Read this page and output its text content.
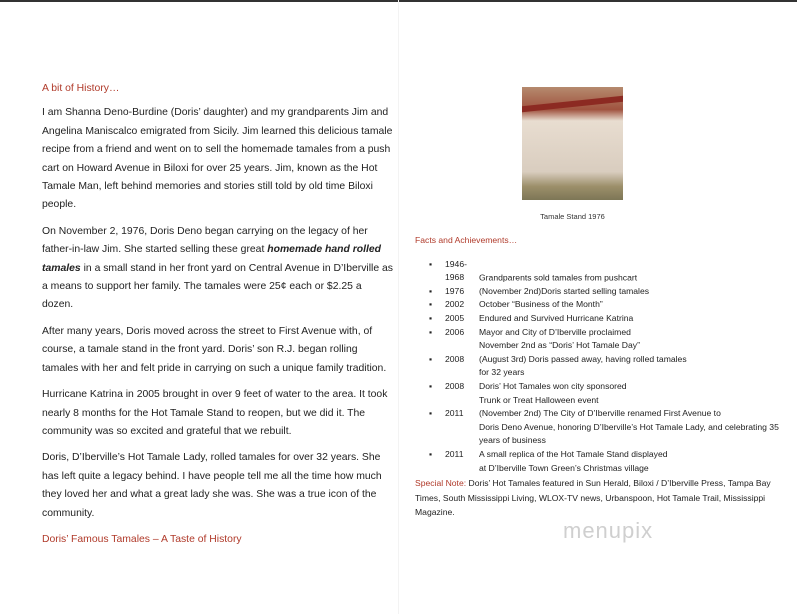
A bit of History…

I am Shanna Deno-Burdine (Doris’ daughter) and my grandparents Jim and Angelina Maniscalco emigrated from Sicily. Jim learned this delicious tamale recipe from a friend and went on to sell the homemade tamales from a push cart on Howard Avenue in Biloxi for over 25 years. Jim, known as the Hot Tamale Man, left behind memories and stories still told by old time Biloxi people.

On November 2, 1976, Doris Deno began carrying on the legacy of her father-in-law Jim. She started selling these great homemade hand rolled tamales in a small stand in her front yard on Central Avenue in D’Iberville as a means to support her family. The tamales were 25¢ each or $2.25 a dozen.

After many years, Doris moved across the street to First Avenue with, of course, a tamale stand in the front yard. Doris’ son R.J. began rolling tamales with her and felt pride in carrying on such a unique family tradition.

Hurricane Katrina in 2005 brought in over 9 feet of water to the area. It took nearly 8 months for the Hot Tamale Stand to reopen, but we did it. The community was so excited and grateful that we rebuilt.

Doris, D’Iberville’s Hot Tamale Lady, rolled tamales for over 32 years. She has left quite a legacy behind. I have people tell me all the time how much they loved her and what a great lady she was. She was a true icon of the community.

Doris’ Famous Tamales – A Taste of History
Tamale Stand 1976
Facts and Achievements…
▪ 1946-1968 Grandparents sold tamales from pushcart
▪ 1976 (November 2nd)Doris started selling tamales
▪ 2002 October “Business of the Month”
▪ 2005 Endured and Survived Hurricane Katrina
▪ 2006 Mayor and City of D’Iberville proclaimed
November 2nd as “Doris’ Hot Tamale Day”
▪ 2008 (August 3rd) Doris passed away, having rolled tamales
for 32 years
▪ 2008 Doris’ Hot Tamales won city sponsored
Trunk or Treat Halloween event
▪ 2011 (November 2nd) The City of D’Iberville renamed First Avenue to
Doris Deno Avenue, honoring D’Iberville’s Hot Tamale Lady, and celebrating 35 years of business
▪ 2011 A small replica of the Hot Tamale Stand displayed
at D’Iberville Town Green’s Christmas village
Special Note: Doris’ Hot Tamales featured in Sun Herald, Biloxi / D’Iberville Press, Tampa Bay Times, South Mississippi Living, WLOX-TV news, Urbanspoon, Hot Tamale Trail, Mississippi Magazine.
menupix
